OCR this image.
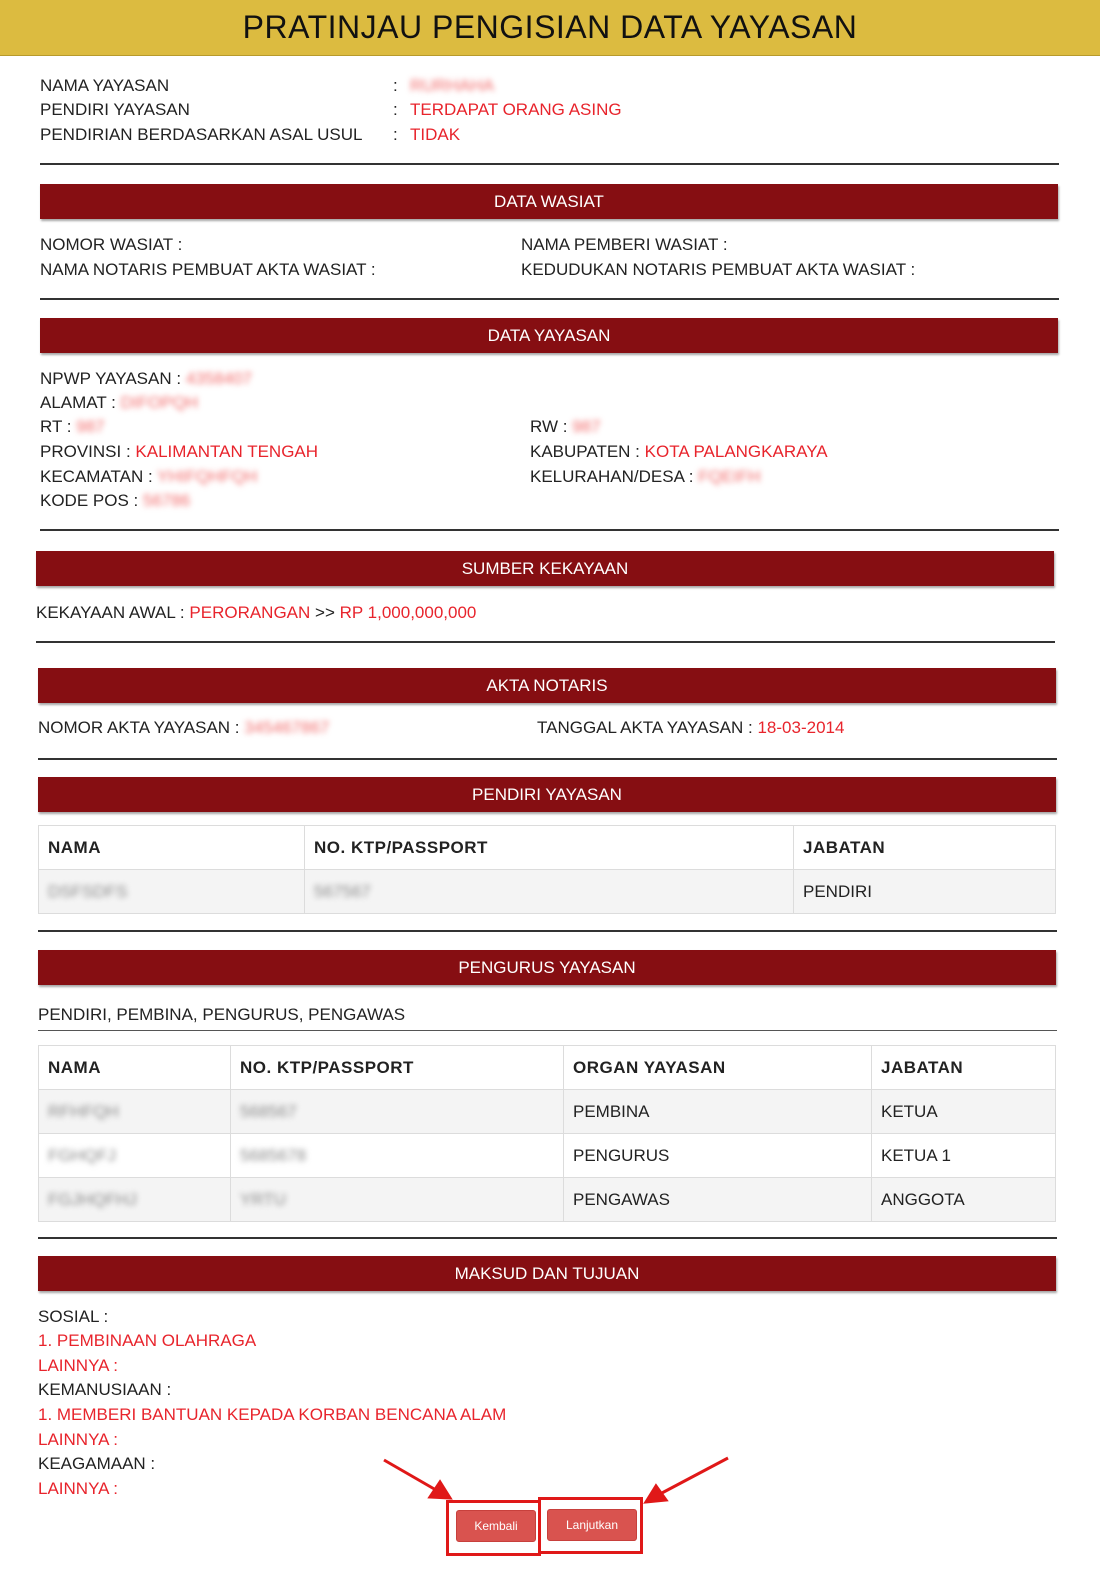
PRATINJAU PENGISIAN DATA YAYASAN
NAMA YAYASAN	: RURHAHA
PENDIRI YAYASAN	: TERDAPAT ORANG ASING
PENDIRIAN BERDASARKAN ASAL USUL : TIDAK
DATA WASIAT
NOMOR WASIAT :	NAMA PEMBERI WASIAT :
NAMA NOTARIS PEMBUAT AKTA WASIAT :	KEDUDUKAN NOTARIS PEMBUAT AKTA WASIAT :
DATA YAYASAN
NPWP YAYASAN : 4358407
ALAMAT : DIFOPQH
RT : 987	RW : 987
PROVINSI : KALIMANTAN TENGAH	KABUPATEN : KOTA PALANGKARAYA
KECAMATAN : YHIFQHFQH	KELURAHAN/DESA : FQEIFH
KODE POS : 56786
SUMBER KEKAYAAN
KEKAYAAN AWAL : PERORANGAN >> RP 1,000,000,000
AKTA NOTARIS
NOMOR AKTA YAYASAN : 345467867	TANGGAL AKTA YAYASAN : 18-03-2014
PENDIRI YAYASAN
NAMA	NO. KTP/PASSPORT	JABATAN
DSFSDFS	567567	PENDIRI
PENGURUS YAYASAN
PENDIRI, PEMBINA, PENGURUS, PENGAWAS
NAMA	NO. KTP/PASSPORT	ORGAN YAYASAN	JABATAN
RFHFQH	568567	PEMBINA	KETUA
FGHQFJ	5685678	PENGURUS	KETUA 1
FGJHQFHJ	YRTU	PENGAWAS	ANGGOTA
MAKSUD DAN TUJUAN
SOSIAL :
1. PEMBINAAN OLAHRAGA
LAINNYA :
KEMANUSIAAN :
1. MEMBERI BANTUAN KEPADA KORBAN BENCANA ALAM
LAINNYA :
KEAGAMAAN :
LAINNYA :
Kembali	Lanjutkan
